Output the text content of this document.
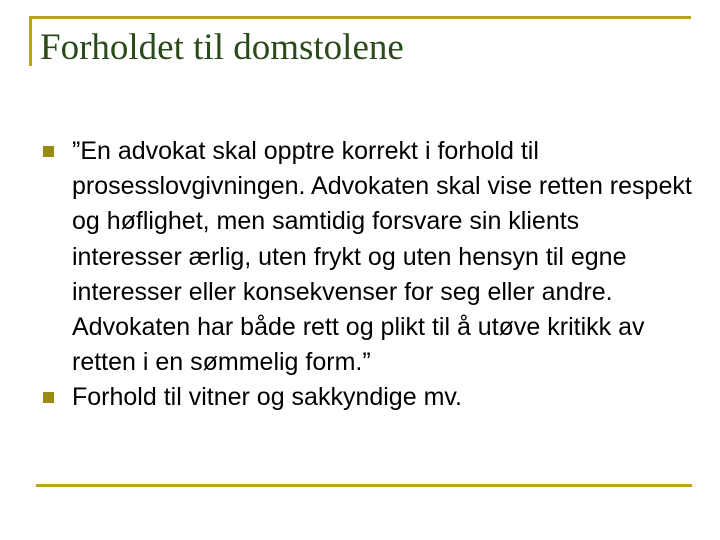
Forholdet til domstolene
”En advokat skal opptre korrekt i forhold til prosesslovgivningen. Advokaten skal vise retten respekt og høflighet, men samtidig forsvare sin klients interesser ærlig, uten frykt og uten hensyn til egne interesser eller konsekvenser for seg eller andre. Advokaten har både rett og plikt til å utøve kritikk av retten i en sømmelig form.”
Forhold til vitner og sakkyndige mv.
